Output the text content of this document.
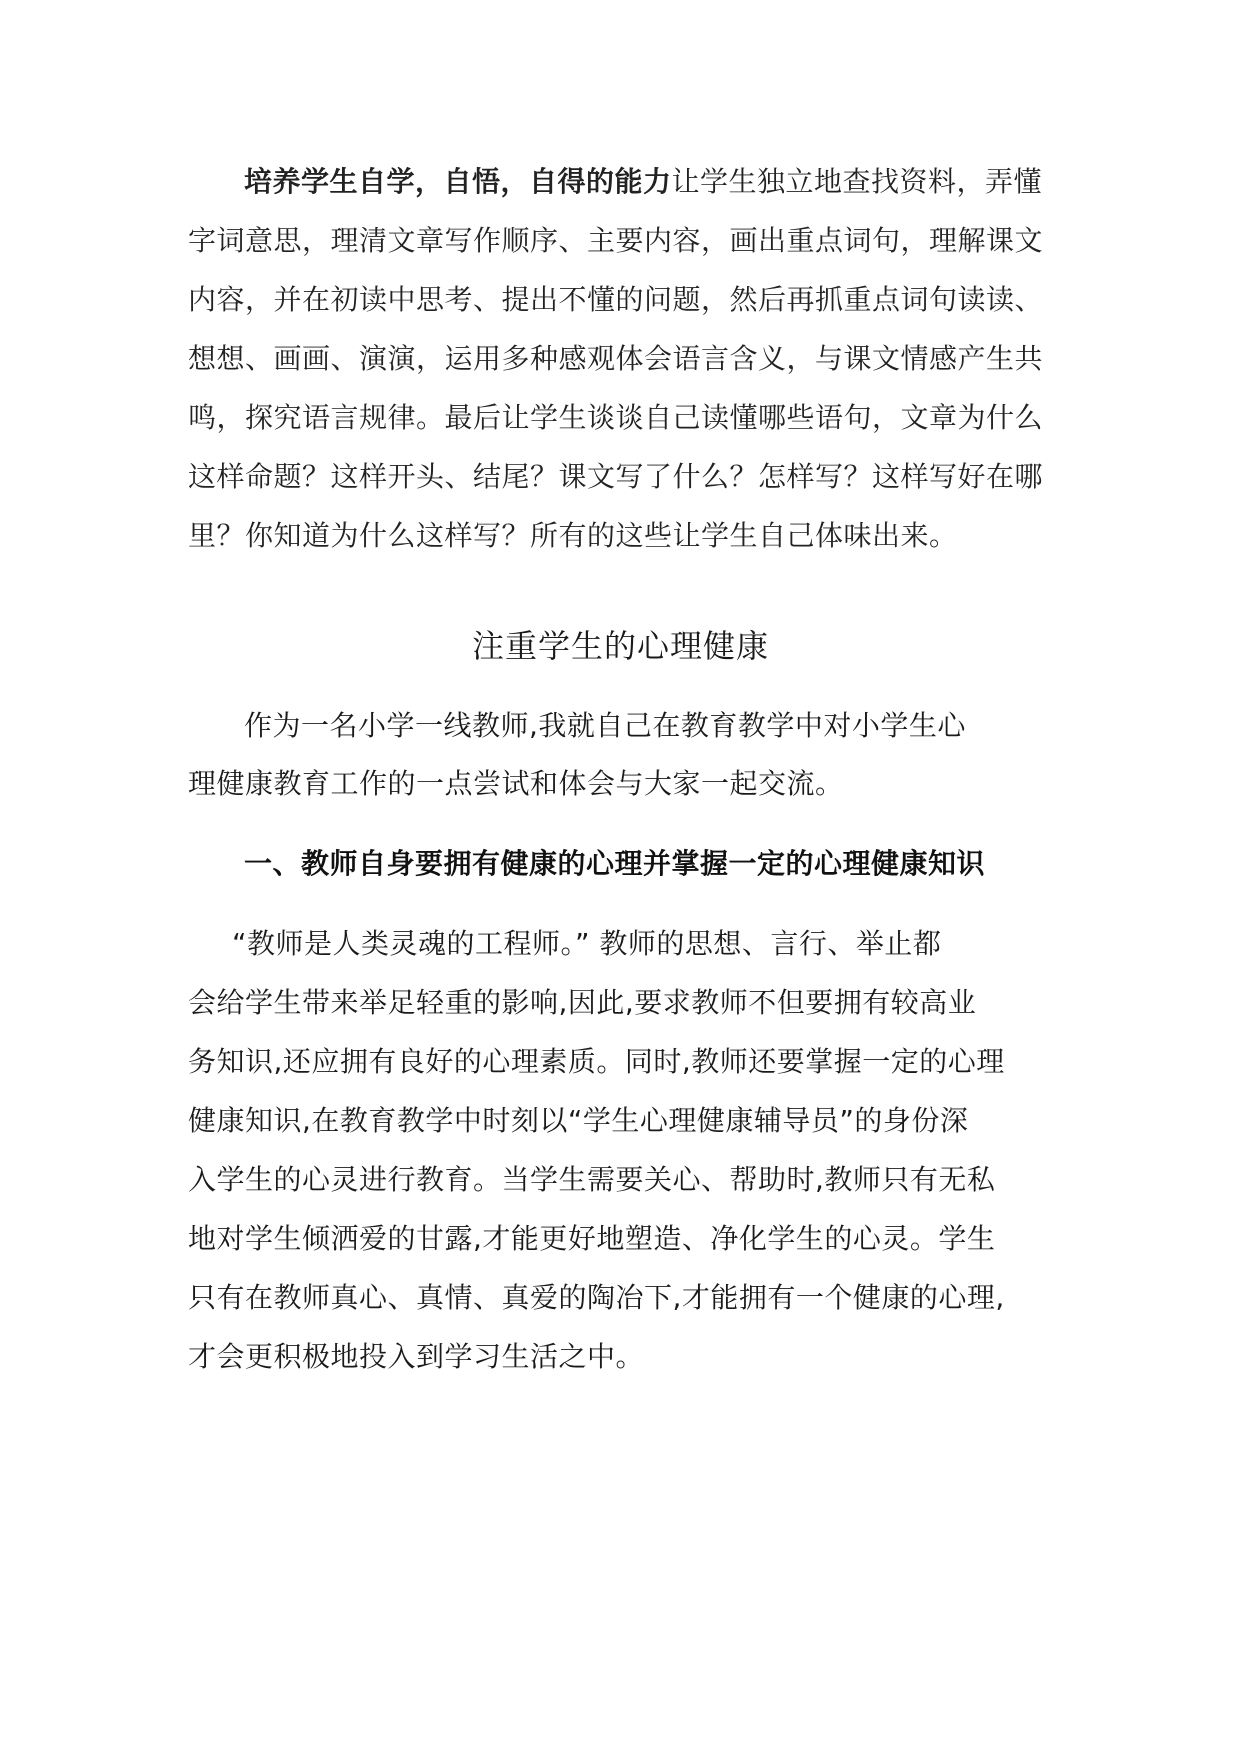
培养学生自学，自悟，自得的能力让学生独立地查找资料，弄懂
字词意思，理清文章写作顺序、主要内容，画出重点词句，理解课文
内容，并在初读中思考、提出不懂的问题，然后再抓重点词句读读、
想想、画画、演演，运用多种感观体会语言含义，与课文情感产生共
鸣，探究语言规律。最后让学生谈谈自己读懂哪些语句，文章为什么
这样命题？这样开头、结尾？课文写了什么？怎样写？这样写好在哪
里？你知道为什么这样写？所有的这些让学生自己体味出来。
注重学生的心理健康
作为一名小学一线教师,我就自己在教育教学中对小学生心
理健康教育工作的一点尝试和体会与大家一起交流。
一、教师自身要拥有健康的心理并掌握一定的心理健康知识
“教师是人类灵魂的工程师。” 教师的思想、言行、举止都
会给学生带来举足轻重的影响,因此,要求教师不但要拥有较高业
务知识,还应拥有良好的心理素质。同时,教师还要掌握一定的心理
健康知识,在教育教学中时刻以“学生心理健康辅导员”的身份深
入学生的心灵进行教育。当学生需要关心、帮助时,教师只有无私
地对学生倾洒爱的甘露,才能更好地塑造、净化学生的心灵。学生
只有在教师真心、真情、真爱的陶冶下,才能拥有一个健康的心理,
才会更积极地投入到学习生活之中。
